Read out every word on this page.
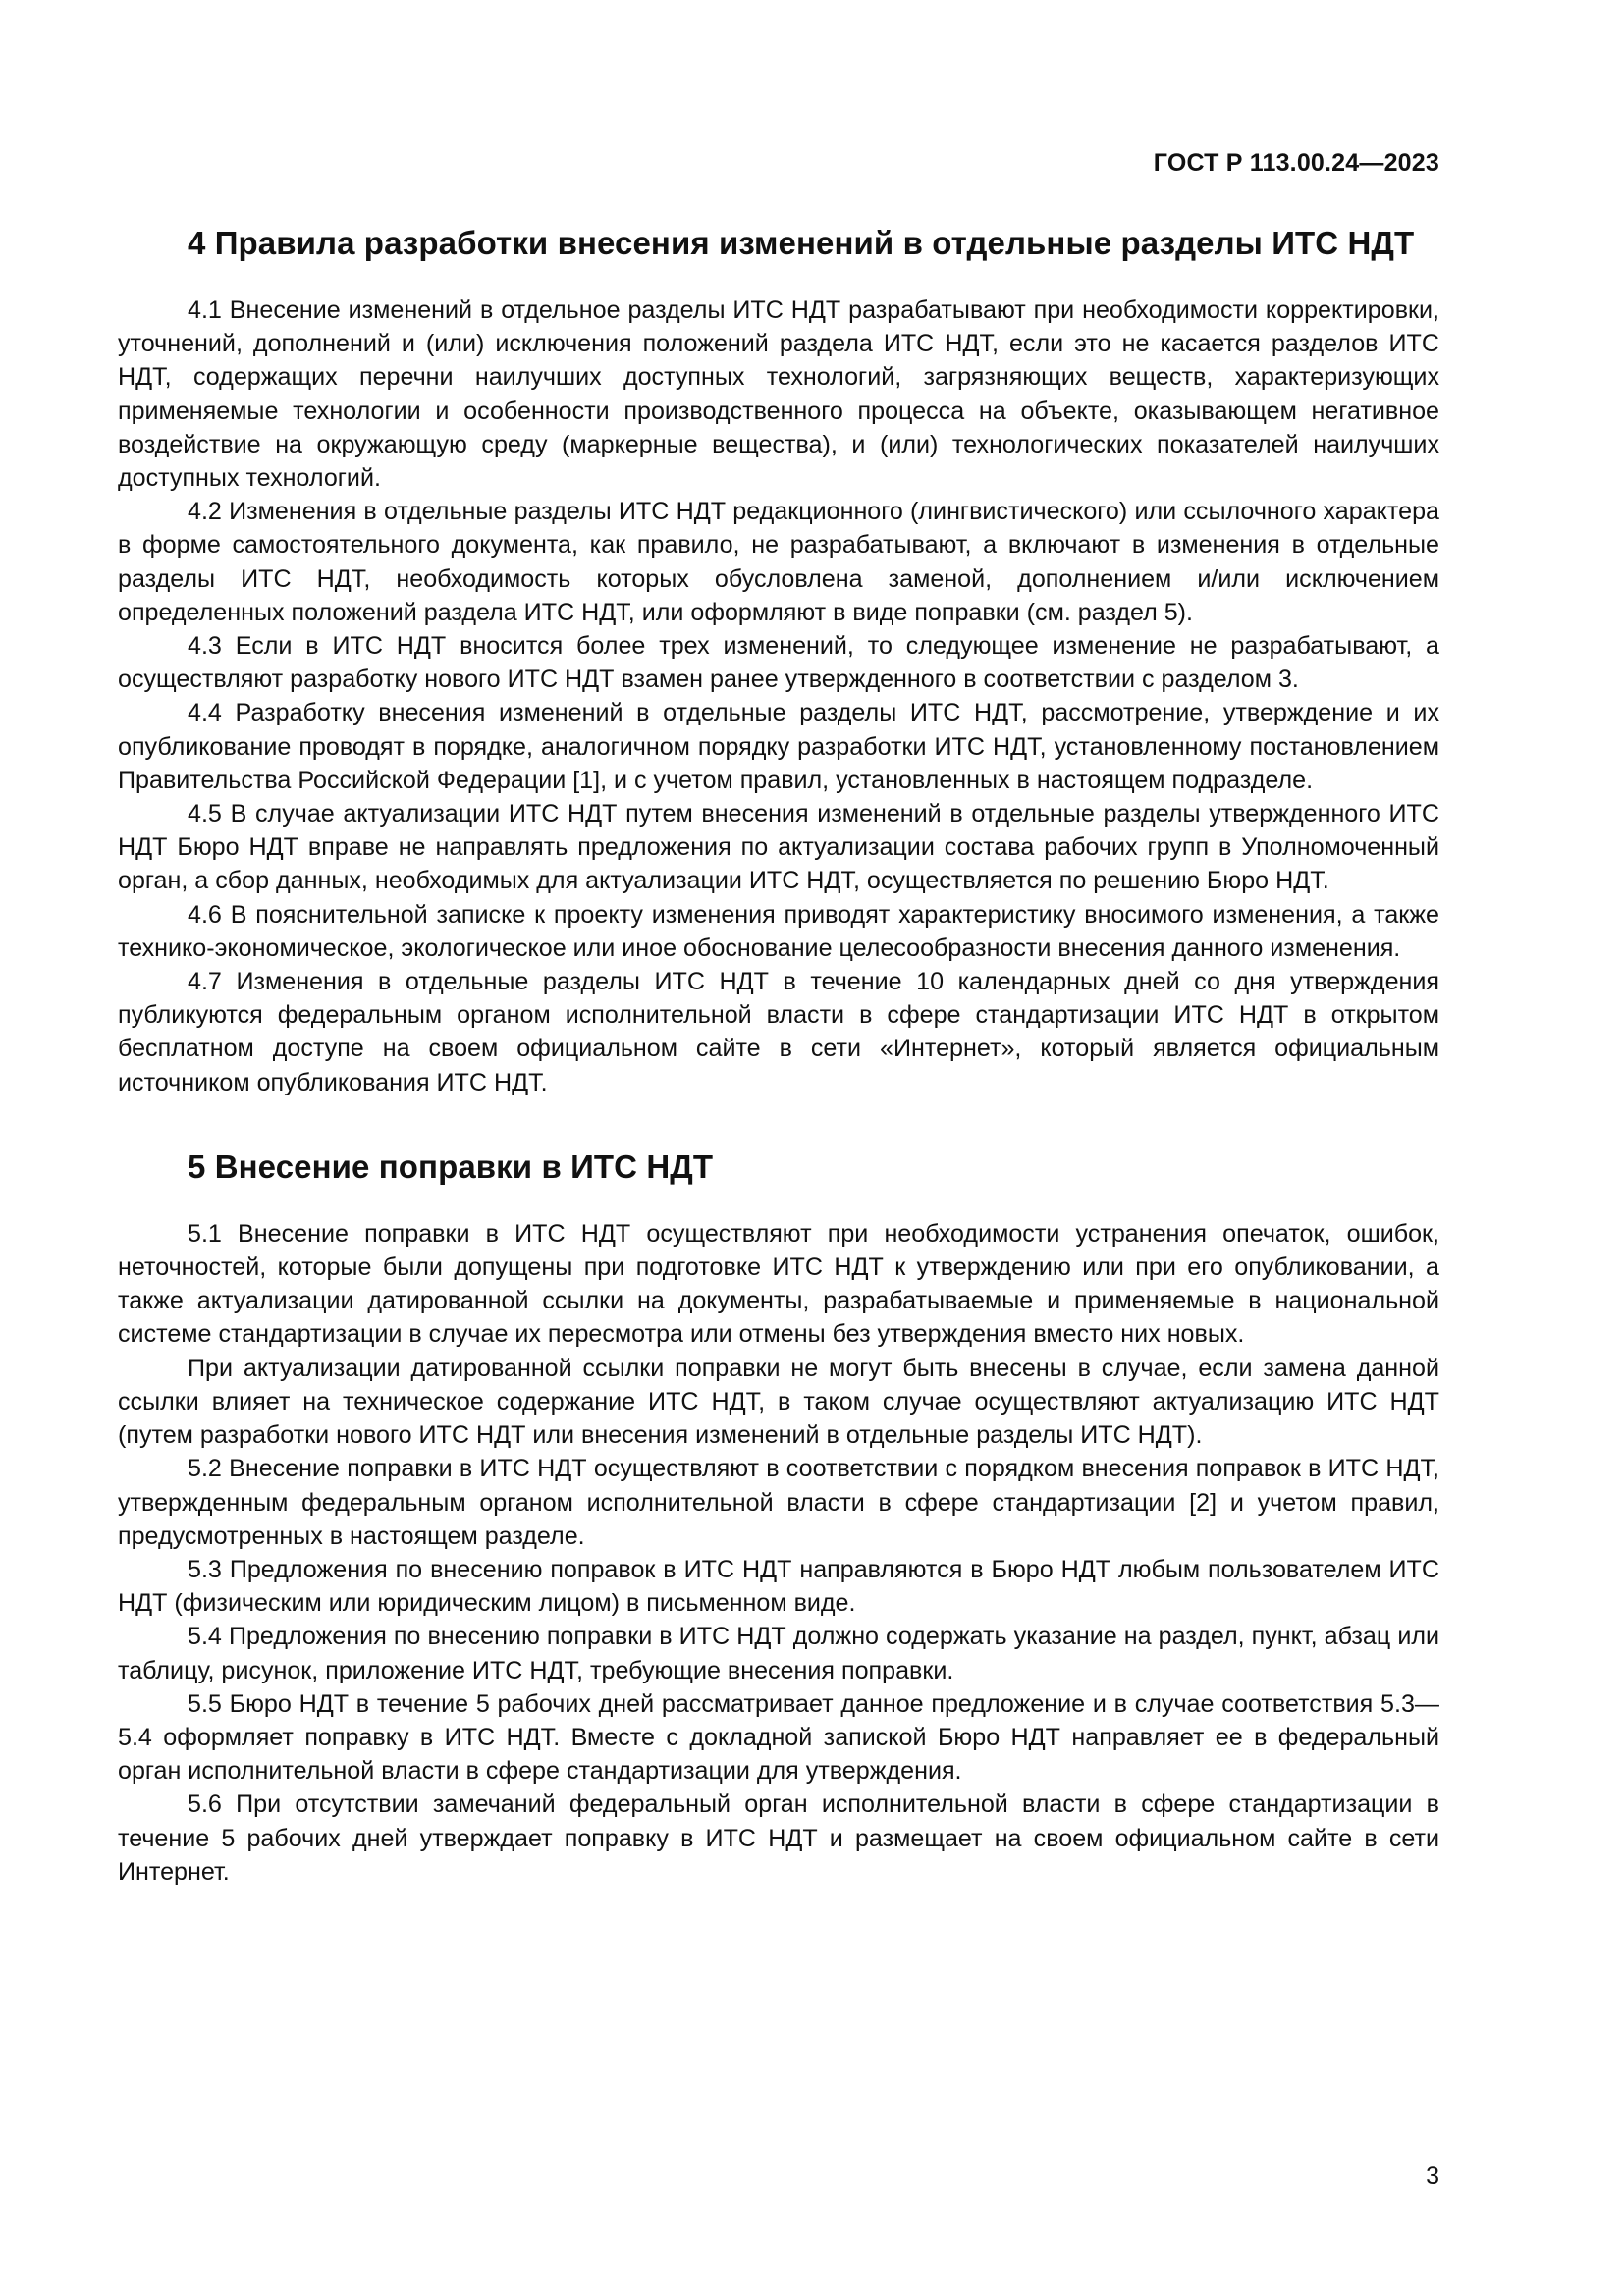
ГОСТ Р 113.00.24—2023
4 Правила разработки внесения изменений в отдельные разделы ИТС НДТ

4.1 Внесение изменений в отдельное разделы ИТС НДТ разрабатывают при необходимости корректировки, уточнений, дополнений и (или) исключения положений раздела ИТС НДТ, если это не касается разделов ИТС НДТ, содержащих перечни наилучших доступных технологий, загрязняющих веществ, характеризующих применяемые технологии и особенности производственного процесса на объекте, оказывающем негативное воздействие на окружающую среду (маркерные вещества), и (или) технологических показателей наилучших доступных технологий.

4.2 Изменения в отдельные разделы ИТС НДТ редакционного (лингвистического) или ссылочного характера в форме самостоятельного документа, как правило, не разрабатывают, а включают в изменения в отдельные разделы ИТС НДТ, необходимость которых обусловлена заменой, дополнением и/или исключением определенных положений раздела ИТС НДТ, или оформляют в виде поправки (см. раздел 5).

4.3 Если в ИТС НДТ вносится более трех изменений, то следующее изменение не разрабатывают, а осуществляют разработку нового ИТС НДТ взамен ранее утвержденного в соответствии с разделом 3.

4.4 Разработку внесения изменений в отдельные разделы ИТС НДТ, рассмотрение, утверждение и их опубликование проводят в порядке, аналогичном порядку разработки ИТС НДТ, установленному постановлением Правительства Российской Федерации [1], и с учетом правил, установленных в настоящем подразделе.

4.5 В случае актуализации ИТС НДТ путем внесения изменений в отдельные разделы утвержденного ИТС НДТ Бюро НДТ вправе не направлять предложения по актуализации состава рабочих групп в Уполномоченный орган, а сбор данных, необходимых для актуализации ИТС НДТ, осуществляется по решению Бюро НДТ.

4.6 В пояснительной записке к проекту изменения приводят характеристику вносимого изменения, а также технико-экономическое, экологическое или иное обоснование целесообразности внесения данного изменения.

4.7 Изменения в отдельные разделы ИТС НДТ в течение 10 календарных дней со дня утверждения публикуются федеральным органом исполнительной власти в сфере стандартизации ИТС НДТ в открытом бесплатном доступе на своем официальном сайте в сети «Интернет», который является официальным источником опубликования ИТС НДТ.

5 Внесение поправки в ИТС НДТ

5.1 Внесение поправки в ИТС НДТ осуществляют при необходимости устранения опечаток, ошибок, неточностей, которые были допущены при подготовке ИТС НДТ к утверждению или при его опубликовании, а также актуализации датированной ссылки на документы, разрабатываемые и применяемые в национальной системе стандартизации в случае их пересмотра или отмены без утверждения вместо них новых.

При актуализации датированной ссылки поправки не могут быть внесены в случае, если замена данной ссылки влияет на техническое содержание ИТС НДТ, в таком случае осуществляют актуализацию ИТС НДТ (путем разработки нового ИТС НДТ или внесения изменений в отдельные разделы ИТС НДТ).

5.2 Внесение поправки в ИТС НДТ осуществляют в соответствии с порядком внесения поправок в ИТС НДТ, утвержденным федеральным органом исполнительной власти в сфере стандартизации [2] и учетом правил, предусмотренных в настоящем разделе.

5.3 Предложения по внесению поправок в ИТС НДТ направляются в Бюро НДТ любым пользователем ИТС НДТ (физическим или юридическим лицом) в письменном виде.

5.4 Предложения по внесению поправки в ИТС НДТ должно содержать указание на раздел, пункт, абзац или таблицу, рисунок, приложение ИТС НДТ, требующие внесения поправки.

5.5 Бюро НДТ в течение 5 рабочих дней рассматривает данное предложение и в случае соответствия 5.3—5.4 оформляет поправку в ИТС НДТ. Вместе с докладной запиской Бюро НДТ направляет ее в федеральный орган исполнительной власти в сфере стандартизации для утверждения.

5.6 При отсутствии замечаний федеральный орган исполнительной власти в сфере стандартизации в течение 5 рабочих дней утверждает поправку в ИТС НДТ и размещает на своем официальном сайте в сети Интернет.

3
